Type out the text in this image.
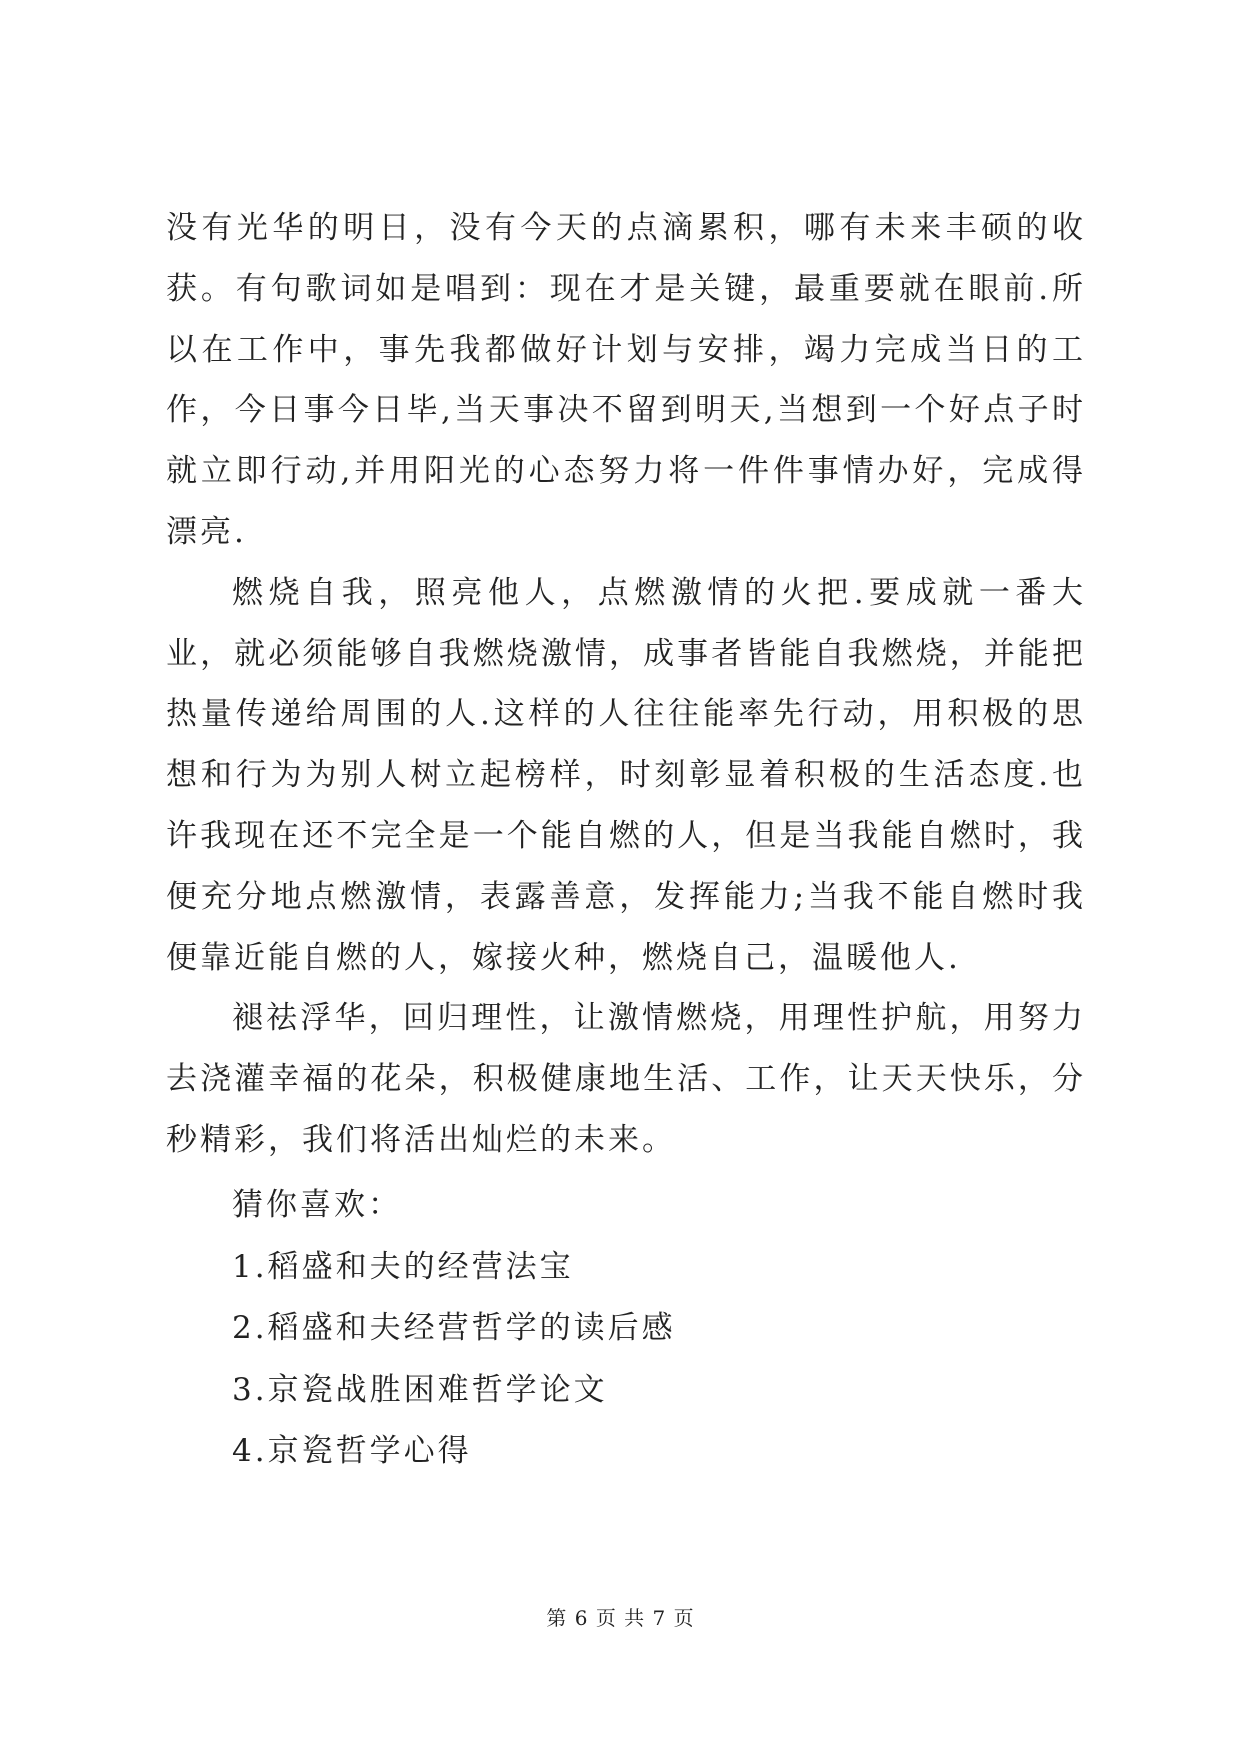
没有光华的明日，没有今天的点滴累积，哪有未来丰硕的收获。有句歌词如是唱到：现在才是关键，最重要就在眼前.所以在工作中，事先我都做好计划与安排，竭力完成当日的工作，今日事今日毕,当天事决不留到明天,当想到一个好点子时就立即行动,并用阳光的心态努力将一件件事情办好，完成得漂亮.

燃烧自我，照亮他人，点燃激情的火把.要成就一番大业，就必须能够自我燃烧激情，成事者皆能自我燃烧，并能把热量传递给周围的人.这样的人往往能率先行动，用积极的思想和行为为别人树立起榜样，时刻彰显着积极的生活态度.也许我现在还不完全是一个能自燃的人，但是当我能自燃时，我便充分地点燃激情，表露善意，发挥能力;当我不能自燃时我便靠近能自燃的人，嫁接火种，燃烧自己，温暖他人.

褪祛浮华，回归理性，让激情燃烧，用理性护航，用努力去浇灌幸福的花朵，积极健康地生活、工作，让天天快乐，分秒精彩，我们将活出灿烂的未来。

猜你喜欢：

1.稻盛和夫的经营法宝

2.稻盛和夫经营哲学的读后感

3.京瓷战胜困难哲学论文

4.京瓷哲学心得

第 6 页 共 7 页
